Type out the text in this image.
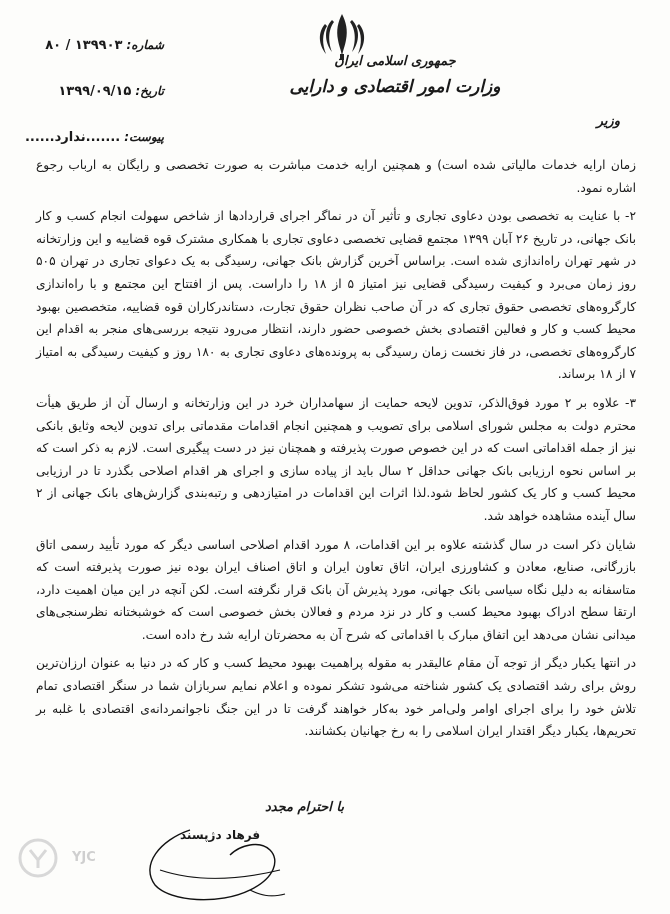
شماره:
۸۰ / ۱۳۹۹۰۳
تاریخ:
۱۳۹۹/۰۹/۱۵
پیوست:
......ندارد.......
جمهوری اسلامی ایران
وزارت امور اقتصادی و دارایی
وزیر

زمان ارایه خدمات مالیاتی شده است) و همچنین ارایه خدمت مباشرت به صورت تخصصی و رایگان به ارباب رجوع اشاره نمود.

۲- با عنایت به تخصصی بودن دعاوی تجاری و تأثیر آن در نماگر اجرای قراردادها از شاخص سهولت انجام کسب و کار بانک جهانی، در تاریخ ۲۶ آبان ۱۳۹۹ مجتمع قضایی تخصصی دعاوی تجاری با همکاری مشترک قوه قضاییه و این وزارتخانه در شهر تهران راه‌اندازی شده است. براساس آخرین گزارش بانک جهانی، رسیدگی به یک دعوای تجاری در تهران ۵۰۵ روز زمان می‌برد و کیفیت رسیدگی قضایی نیز امتیاز ۵ از ۱۸ را داراست. پس از افتتاح این مجتمع و با راه‌اندازی کارگروه‌های تخصصی حقوق تجاری که در آن صاحب نظران حقوق تجارت، دستاندرکاران قوه قضاییه، متخصصین بهبود محیط کسب و کار و فعالین اقتصادی بخش خصوصی حضور دارند، انتظار می‌رود نتیجه بررسی‌های منجر به اقدام این کارگروه‌های تخصصی، در فاز نخست زمان رسیدگی به پرونده‌های دعاوی تجاری به ۱۸۰ روز و کیفیت رسیدگی به امتیاز ۷ از ۱۸ برساند.

۳- علاوه بر ۲ مورد فوق‌الذکر، تدوین لایحه حمایت از سهامداران خرد در این وزارتخانه و ارسال آن از طریق هیأت محترم دولت به مجلس شورای اسلامی برای تصویب و همچنین انجام اقدامات مقدماتی برای تدوین لایحه وثایق بانکی نیز از جمله اقداماتی است که در این خصوص صورت پذیرفته و همچنان نیز در دست پیگیری است. لازم به ذکر است که بر اساس نحوه ارزیابی بانک جهانی حداقل ۲ سال باید از پیاده سازی و اجرای هر اقدام اصلاحی بگذرد تا در ارزیابی محیط کسب و کار یک کشور لحاظ شود.لذا اثرات این اقدامات در امتیازدهی و رتبه‌بندی گزارش‌های بانک جهانی از ۲ سال آینده مشاهده خواهد شد.

شایان ذکر است در سال گذشته علاوه بر این اقدامات، ۸ مورد اقدام اصلاحی اساسی دیگر که مورد تأیید رسمی اتاق بازرگانی، صنایع، معادن و کشاورزی ایران، اتاق تعاون ایران و اتاق اصناف ایران بوده نیز صورت پذیرفته است که متاسفانه به دلیل نگاه سیاسی بانک جهانی، مورد پذیرش آن بانک قرار نگرفته است. لکن آنچه در این میان اهمیت دارد، ارتقا سطح ادراک بهبود محیط کسب و کار در نزد مردم و فعالان بخش خصوصی است که خوشبختانه نظرسنجی‌های میدانی نشان می‌دهد این اتفاق مبارک با اقداماتی که شرح آن به محضرتان ارایه شد رخ داده است.

در انتها یکبار دیگر از توجه آن مقام عالیقدر به مقوله پراهمیت بهبود محیط کسب و کار که در دنیا به عنوان ارزان‌ترین روش برای رشد اقتصادی یک کشور شناخته می‌شود تشکر نموده و اعلام نمایم سربازان شما در سنگر اقتصادی تمام تلاش خود را برای اجرای اوامر ولی‌امر خود به‌کار خواهند گرفت تا در این جنگ ناجوانمردانه‌ی اقتصادی با غلبه بر تحریم‌ها، یکبار دیگر اقتدار ایران اسلامی را به رخ جهانیان بکشانند.

با احترام مجدد
فرهاد دژپسند
YJC
